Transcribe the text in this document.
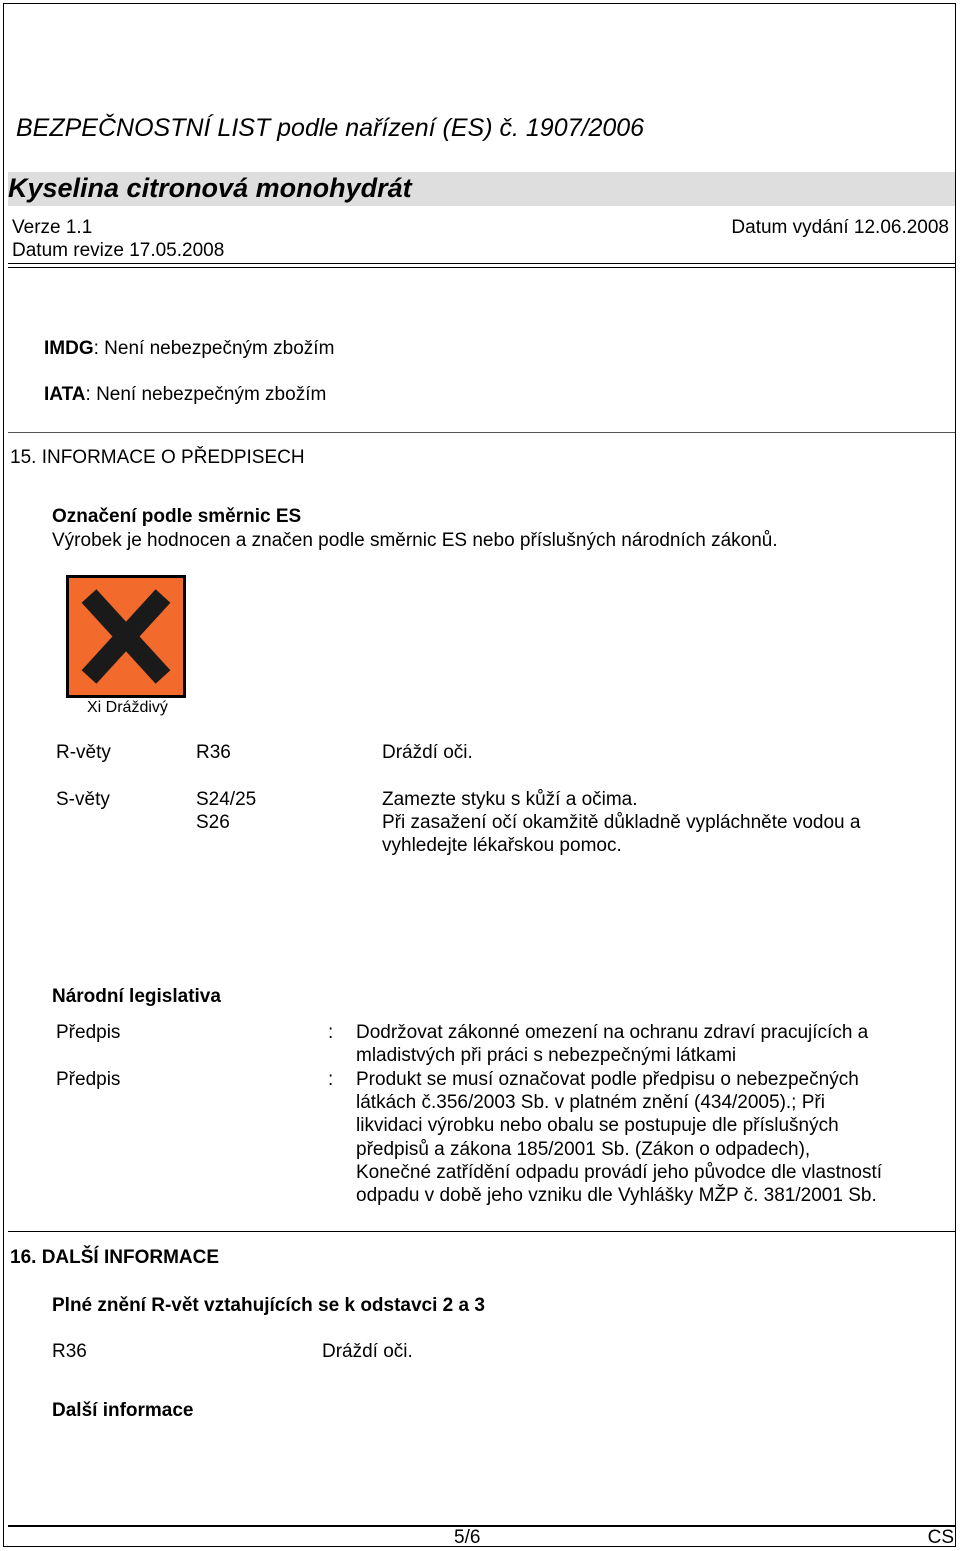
BEZPEČNOSTNÍ LIST podle nařízení (ES) č. 1907/2006
Kyselina citronová monohydrát
Verze 1.1	Datum vydání 12.06.2008
Datum revize 17.05.2008
IMDG: Není nebezpečným zbožím
IATA: Není nebezpečným zbožím
15. INFORMACE O PŘEDPISECH
Označení podle směrnic ES
Výrobek je hodnocen a značen podle směrnic ES nebo příslušných národních zákonů.
Xi Dráždivý
R-věty	R36	Dráždí oči.
S-věty	S24/25	Zamezte styku s kůží a očima.
S26	Při zasažení očí okamžitě důkladně vypláchněte vodou a
vyhledejte lékařskou pomoc.
Národní legislativa
Předpis	: Dodržovat zákonné omezení na ochranu zdraví pracujících a
mladistvých při práci s nebezpečnými látkami
Předpis	: Produkt se musí označovat podle předpisu o nebezpečných
látkách č.356/2003 Sb. v platném znění (434/2005).; Při
likvidaci výrobku nebo obalu se postupuje dle příslušných
předpisů a zákona 185/2001 Sb. (Zákon o odpadech),
Konečné zatřídění odpadu provádí jeho původce dle vlastností
odpadu v době jeho vzniku dle Vyhlášky MŽP č. 381/2001 Sb.
16. DALŠÍ INFORMACE
Plné znění R-vět vztahujících se k odstavci 2 a 3
R36	Dráždí oči.
Další informace
5/6	CS
